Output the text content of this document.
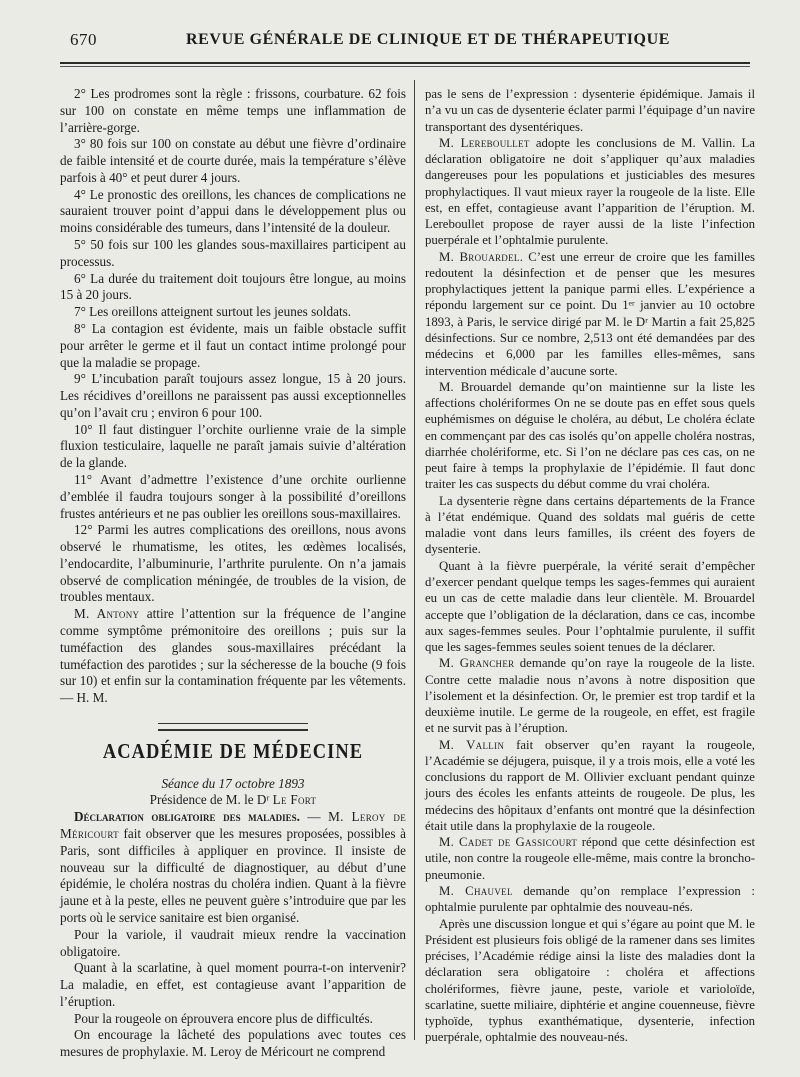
670	REVUE GÉNÉRALE DE CLINIQUE ET DE THÉRAPEUTIQUE

2° Les prodromes sont la règle : frissons, courbature. 62 fois sur 100 on constate en même temps une inflammation de l’arrière-gorge.

3° 80 fois sur 100 on constate au début une fièvre d’ordinaire de faible intensité et de courte durée, mais la température s’élève parfois à 40° et peut durer 4 jours.

4° Le pronostic des oreillons, les chances de complications ne sauraient trouver point d’appui dans le développement plus ou moins considérable des tumeurs, dans l’intensité de la douleur.

5° 50 fois sur 100 les glandes sous-maxillaires participent au processus.

6° La durée du traitement doit toujours être longue, au moins 15 à 20 jours.

7° Les oreillons atteignent surtout les jeunes soldats.

8° La contagion est évidente, mais un faible obstacle suffit pour arrêter le germe et il faut un contact intime prolongé pour que la maladie se propage.

9° L’incubation paraît toujours assez longue, 15 à 20 jours. Les récidives d’oreillons ne paraissent pas aussi exceptionnelles qu’on l’avait cru ; environ 6 pour 100.

10° Il faut distinguer l’orchite ourlienne vraie de la simple fluxion testiculaire, laquelle ne paraît jamais suivie d’altération de la glande.

11° Avant d’admettre l’existence d’une orchite ourlienne d’emblée il faudra toujours songer à la possibilité d’oreillons frustes antérieurs et ne pas oublier les oreillons sous-maxillaires.

12° Parmi les autres complications des oreillons, nous avons observé le rhumatisme, les otites, les œdèmes localisés, l’endocardite, l’albuminurie, l’arthrite purulente. On n’a jamais observé de complication méningée, de troubles de la vision, de troubles mentaux.

M. Antony attire l’attention sur la fréquence de l’angine comme symptôme prémonitoire des oreillons ; puis sur la tuméfaction des glandes sous-maxillaires précédant la tuméfaction des parotides ; sur la sécheresse de la bouche (9 fois sur 10) et enfin sur la contamination fréquente par les vêtements. — H. M.

ACADÉMIE DE MÉDECINE

Séance du 17 octobre 1893

Présidence de M. le Dʳ Le Fort

Déclaration obligatoire des maladies. — M. Leroy de Méricourt fait observer que les mesures proposées, possibles à Paris, sont difficiles à appliquer en province. Il insiste de nouveau sur la difficulté de diagnostiquer, au début d’une épidémie, le choléra nostras du choléra indien. Quant à la fièvre jaune et à la peste, elles ne peuvent guère s’introduire que par les ports où le service sanitaire est bien organisé.

Pour la variole, il vaudrait mieux rendre la vaccination obligatoire.

Quant à la scarlatine, à quel moment pourra-t-on intervenir? La maladie, en effet, est contagieuse avant l’apparition de l’éruption.

Pour la rougeole on éprouvera encore plus de difficultés.

On encourage la lâcheté des populations avec toutes ces mesures de prophylaxie. M. Leroy de Méricourt ne comprend

pas le sens de l’expression : dysenterie épidémique. Jamais il n’a vu un cas de dysenterie éclater parmi l’équipage d’un navire transportant des dysentériques.

M. Lereboullet adopte les conclusions de M. Vallin. La déclaration obligatoire ne doit s’appliquer qu’aux maladies dangereuses pour les populations et justiciables des mesures prophylactiques. Il vaut mieux rayer la rougeole de la liste. Elle est, en effet, contagieuse avant l’apparition de l’éruption. M. Lereboullet propose de rayer aussi de la liste l’infection puerpérale et l’ophtalmie purulente.

M. Brouardel. C’est une erreur de croire que les familles redoutent la désinfection et de penser que les mesures prophylactiques jettent la panique parmi elles. L’expérience a répondu largement sur ce point. Du 1ᵉʳ janvier au 10 octobre 1893, à Paris, le service dirigé par M. le Dʳ Martin a fait 25,825 désinfections. Sur ce nombre, 2,513 ont été demandées par des médecins et 6,000 par les familles elles-mêmes, sans intervention médicale d’aucune sorte.

M. Brouardel demande qu’on maintienne sur la liste les affections cholériformes On ne se doute pas en effet sous quels euphémismes on déguise le choléra, au début, Le choléra éclate en commençant par des cas isolés qu’on appelle choléra nostras, diarrhée cholériforme, etc. Si l’on ne déclare pas ces cas, on ne peut faire à temps la prophylaxie de l’épidémie. Il faut donc traiter les cas suspects du début comme du vrai choléra.

La dysenterie règne dans certains départements de la France à l’état endémique. Quand des soldats mal guéris de cette maladie vont dans leurs familles, ils créent des foyers de dysenterie.

Quant à la fièvre puerpérale, la vérité serait d’empêcher d’exercer pendant quelque temps les sages-femmes qui auraient eu un cas de cette maladie dans leur clientèle. M. Brouardel accepte que l’obligation de la déclaration, dans ce cas, incombe aux sages-femmes seules. Pour l’ophtalmie purulente, il suffit que les sages-femmes seules soient tenues de la déclarer.

M. Grancher demande qu’on raye la rougeole de la liste. Contre cette maladie nous n’avons à notre disposition que l’isolement et la désinfection. Or, le premier est trop tardif et la deuxième inutile. Le germe de la rougeole, en effet, est fragile et ne survit pas à l’éruption.

M. Vallin fait observer qu’en rayant la rougeole, l’Académie se déjugera, puisque, il y a trois mois, elle a voté les conclusions du rapport de M. Ollivier excluant pendant quinze jours des écoles les enfants atteints de rougeole. De plus, les médecins des hôpitaux d’enfants ont montré que la désinfection était utile dans la prophylaxie de la rougeole.

M. Cadet de Gassicourt répond que cette désinfection est utile, non contre la rougeole elle-même, mais contre la broncho-pneumonie.

M. Chauvel demande qu’on remplace l’expression : ophtalmie purulente par ophtalmie des nouveau-nés.

Après une discussion longue et qui s’égare au point que M. le Président est plusieurs fois obligé de la ramener dans ses limites précises, l’Académie rédige ainsi la liste des maladies dont la déclaration sera obligatoire : choléra et affections cholériformes, fièvre jaune, peste, variole et varioloïde, scarlatine, suette miliaire, diphtérie et angine couenneuse, fièvre typhoïde, typhus exanthématique, dysenterie, infection puerpérale, ophtalmie des nouveau-nés.
